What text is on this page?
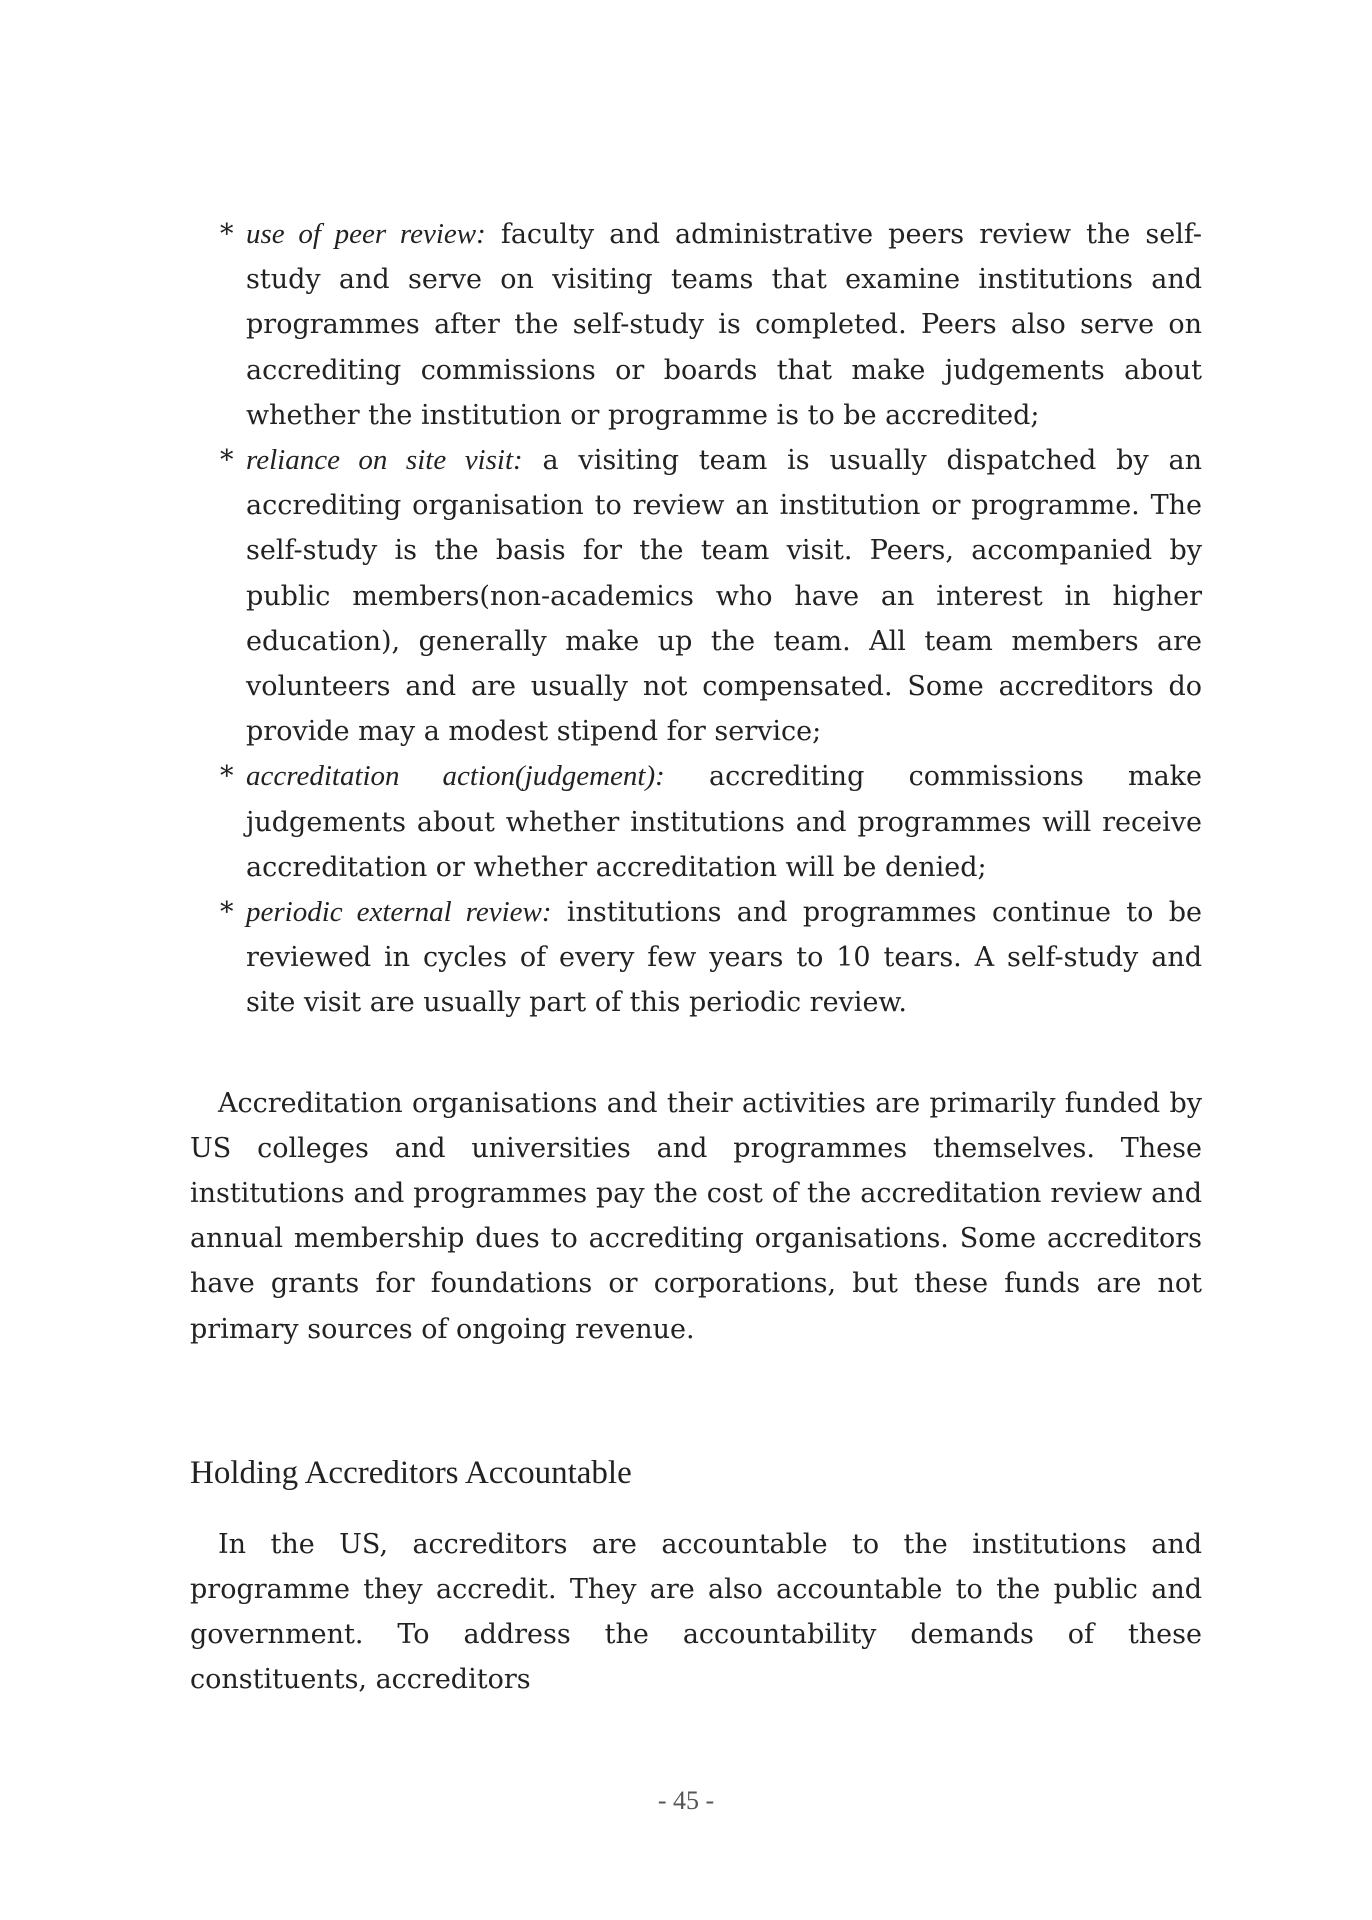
* use of peer review: faculty and administrative peers review the self-study and serve on visiting teams that examine institutions and programmes after the self-study is completed. Peers also serve on accrediting commissions or boards that make judgements about whether the institution or programme is to be accredited;
* reliance on site visit: a visiting team is usually dispatched by an accrediting organisation to review an institution or programme. The self-study is the basis for the team visit. Peers, accompanied by public members(non-academics who have an interest in higher education), generally make up the team. All team members are volunteers and are usually not compensated. Some accreditors do provide may a modest stipend for service;
* accreditation action(judgement): accrediting commissions make judgements about whether institutions and programmes will receive accreditation or whether accreditation will be denied;
* periodic external review: institutions and programmes continue to be reviewed in cycles of every few years to 10 tears. A self-study and site visit are usually part of this periodic review.

Accreditation organisations and their activities are primarily funded by US colleges and universities and programmes themselves. These institutions and programmes pay the cost of the accreditation review and annual membership dues to accrediting organisations. Some accreditors have grants for foundations or corporations, but these funds are not primary sources of ongoing revenue.

Holding Accreditors Accountable

In the US, accreditors are accountable to the institutions and programme they accredit. They are also accountable to the public and government. To address the accountability demands of these constituents, accreditors

- 45 -
